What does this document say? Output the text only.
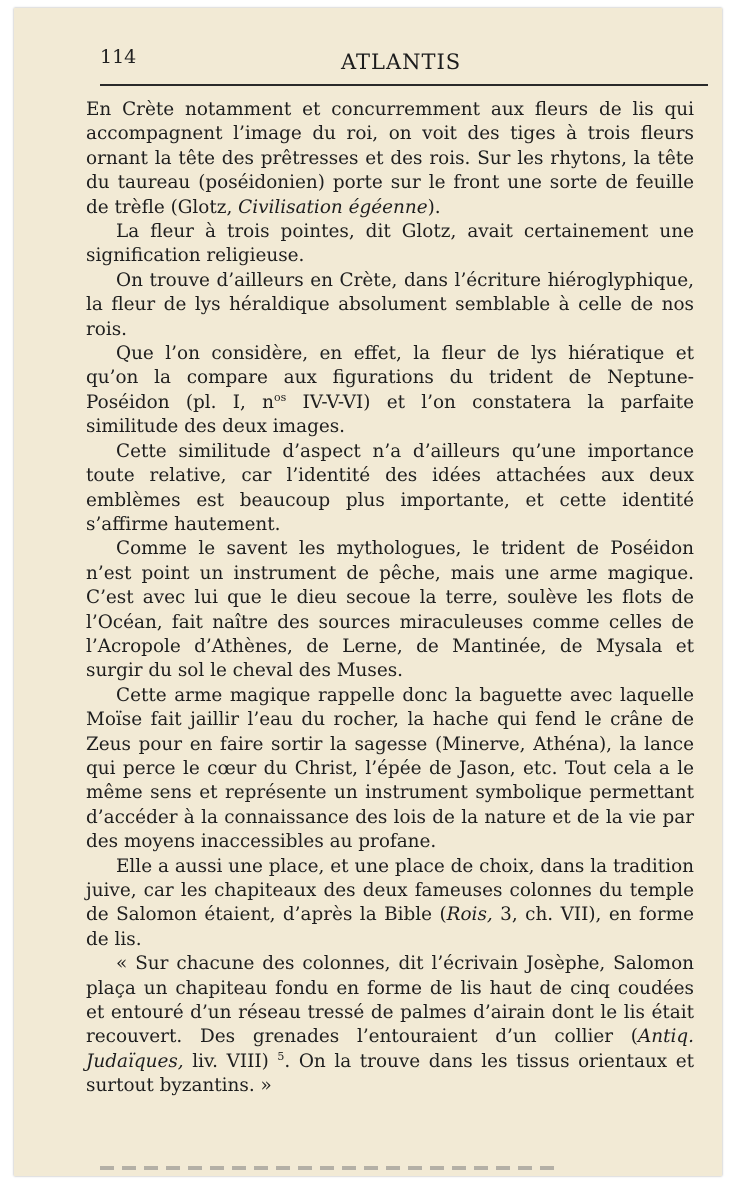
114	ATLANTIS

En Crète notamment et concurremment aux fleurs de lis qui accompagnent l’image du roi, on voit des tiges à trois fleurs ornant la tête des prêtresses et des rois. Sur les rhytons, la tête du taureau (poséidonien) porte sur le front une sorte de feuille de trèfle (Glotz, Civilisation égéenne).

La fleur à trois pointes, dit Glotz, avait certainement une signification religieuse.

On trouve d’ailleurs en Crète, dans l’écriture hiéroglyphique, la fleur de lys héraldique absolument semblable à celle de nos rois.

Que l’on considère, en effet, la fleur de lys hiératique et qu’on la compare aux figurations du trident de Neptune-Poséidon (pl. I, $n^{os}$ IV-V-VI) et l’on constatera la parfaite similitude des deux images.

Cette similitude d’aspect n’a d’ailleurs qu’une importance toute relative, car l’identité des idées attachées aux deux emblèmes est beaucoup plus importante, et cette identité s’affirme hautement.

Comme le savent les mythologues, le trident de Poséidon n’est point un instrument de pêche, mais une arme magique. C’est avec lui que le dieu secoue la terre, soulève les flots de l’Océan, fait naître des sources miraculeuses comme celles de l’Acropole d’Athènes, de Lerne, de Mantinée, de Mysala et surgir du sol le cheval des Muses.

Cette arme magique rappelle donc la baguette avec laquelle Moïse fait jaillir l’eau du rocher, la hache qui fend le crâne de Zeus pour en faire sortir la sagesse (Minerve, Athéna), la lance qui perce le cœur du Christ, l’épée de Jason, etc. Tout cela a le même sens et représente un instrument symbolique permettant d’accéder à la connaissance des lois de la nature et de la vie par des moyens inaccessibles au profane.

Elle a aussi une place, et une place de choix, dans la tradition juive, car les chapiteaux des deux fameuses colonnes du temple de Salomon étaient, d’après la Bible (Rois, 3, ch. VII), en forme de lis.

« Sur chacune des colonnes, dit l’écrivain Josèphe, Salomon plaça un chapiteau fondu en forme de lis haut de cinq coudées et entouré d’un réseau tressé de palmes d’airain dont le lis était recouvert. Des grenades l’entouraient d’un collier (Antiq. Judaïques, liv. VIII) $^5$. On la trouve dans les tissus orientaux et surtout byzantins. »
